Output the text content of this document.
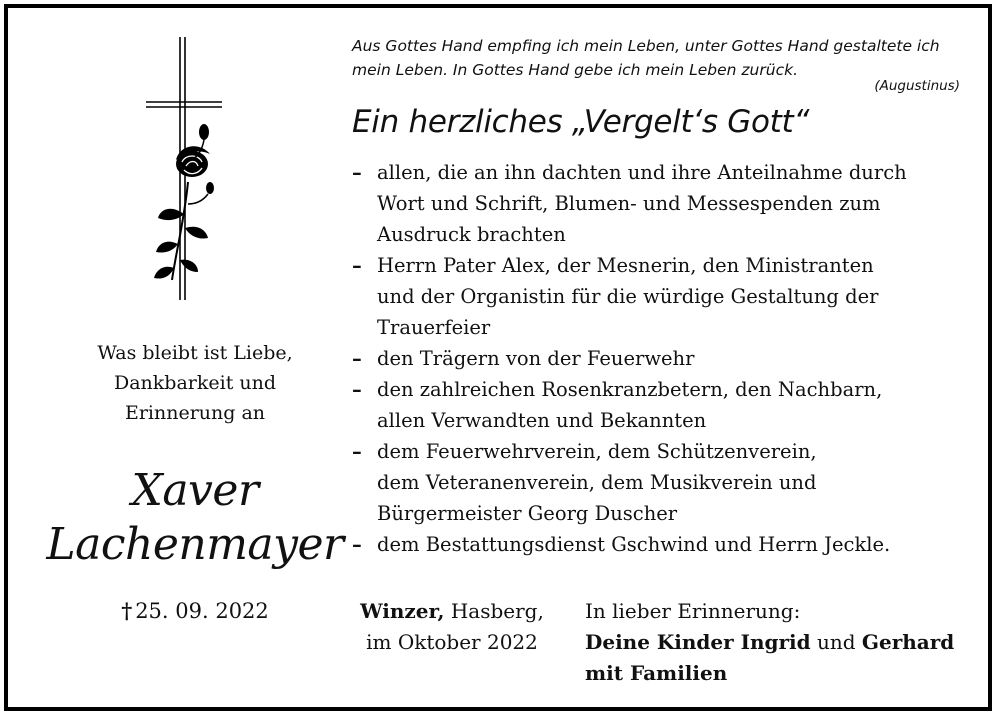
Was bleibt ist Liebe,
Dankbarkeit und
Erinnerung an
Xaver
Lachenmayer
† 25. 09. 2022
Aus Gottes Hand empfing ich mein Leben, unter Gottes Hand gestaltete ich
mein Leben. In Gottes Hand gebe ich mein Leben zurück.
(Augustinus)
Ein herzliches „Vergelt‘s Gott“
– allen, die an ihn dachten und ihre Anteilnahme durch
Wort und Schrift, Blumen- und Messespenden zum
Ausdruck brachten
– Herrn Pater Alex, der Mesnerin, den Ministranten
und der Organistin für die würdige Gestaltung der
Trauerfeier
– den Trägern von der Feuerwehr
– den zahlreichen Rosenkranzbetern, den Nachbarn,
allen Verwandten und Bekannten
– dem Feuerwehrverein, dem Schützenverein,
dem Veteranenverein, dem Musikverein und
Bürgermeister Georg Duscher
– dem Bestattungsdienst Gschwind und Herrn Jeckle.
Winzer, Hasberg,
im Oktober 2022
In lieber Erinnerung:
Deine Kinder Ingrid und Gerhard
mit Familien
